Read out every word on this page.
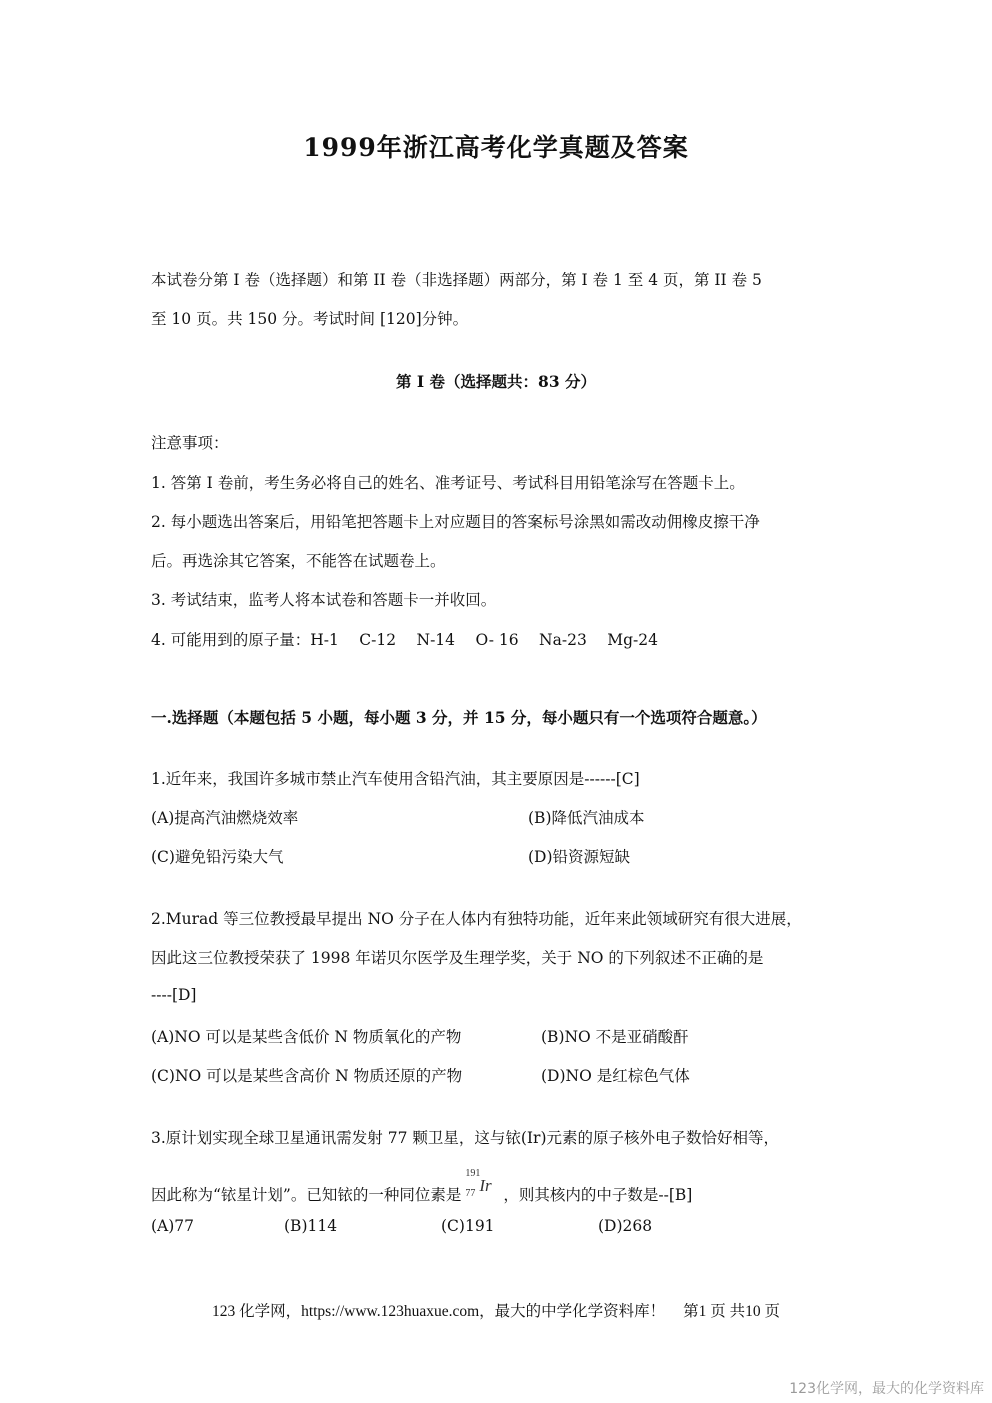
1999年浙江高考化学真题及答案
本试卷分第 I 卷（选择题）和第 II 卷（非选择题）两部分，第 I 卷 1 至 4 页，第 II 卷 5
至 10 页。共 150 分。考试时间 [120]分钟。
第 I 卷（选择题共：83 分）
注意事项：
1. 答第 I 卷前，考生务必将自己的姓名、准考证号、考试科目用铅笔涂写在答题卡上。
2. 每小题选出答案后，用铅笔把答题卡上对应题目的答案标号涂黑如需改动佣橡皮擦干净
后。再选涂其它答案，不能答在试题卷上。
3. 考试结束，监考人将本试卷和答题卡一并收回。
4. 可能用到的原子量：H-1　 C-12　 N-14　 O- 16　 Na-23　 Mg-24
一.选择题（本题包括 5 小题，每小题 3 分，并 15 分，每小题只有一个选项符合题意。）
1.近年来，我国许多城市禁止汽车使用含铅汽油，其主要原因是------[C]
(A)提高汽油燃烧效率	(B)降低汽油成本
(C)避免铅污染大气	(D)铅资源短缺
2.Murad 等三位教授最早提出 NO 分子在人体内有独特功能，近年来此领域研究有很大进展，
因此这三位教授荣获了 1998 年诺贝尔医学及生理学奖，关于 NO 的下列叙述不正确的是
----[D]
(A)NO 可以是某些含低价 N 物质氧化的产物	(B)NO 不是亚硝酸酐
(C)NO 可以是某些含高价 N 物质还原的产物	(D)NO 是红棕色气体
3.原计划实现全球卫星通讯需发射 77 颗卫星，这与铱(Ir)元素的原子核外电子数恰好相等，
因此称为“铱星计划”。已知铱的一种同位素是
191
77 Ir ，则其核内的中子数是--[B]
(A)77	(B)114	(C)191	(D)268
123 化学网，https://www.123huaxue.com，最大的中学化学资料库！ 第1 页 共10 页
123化学网，最大的化学资料库
